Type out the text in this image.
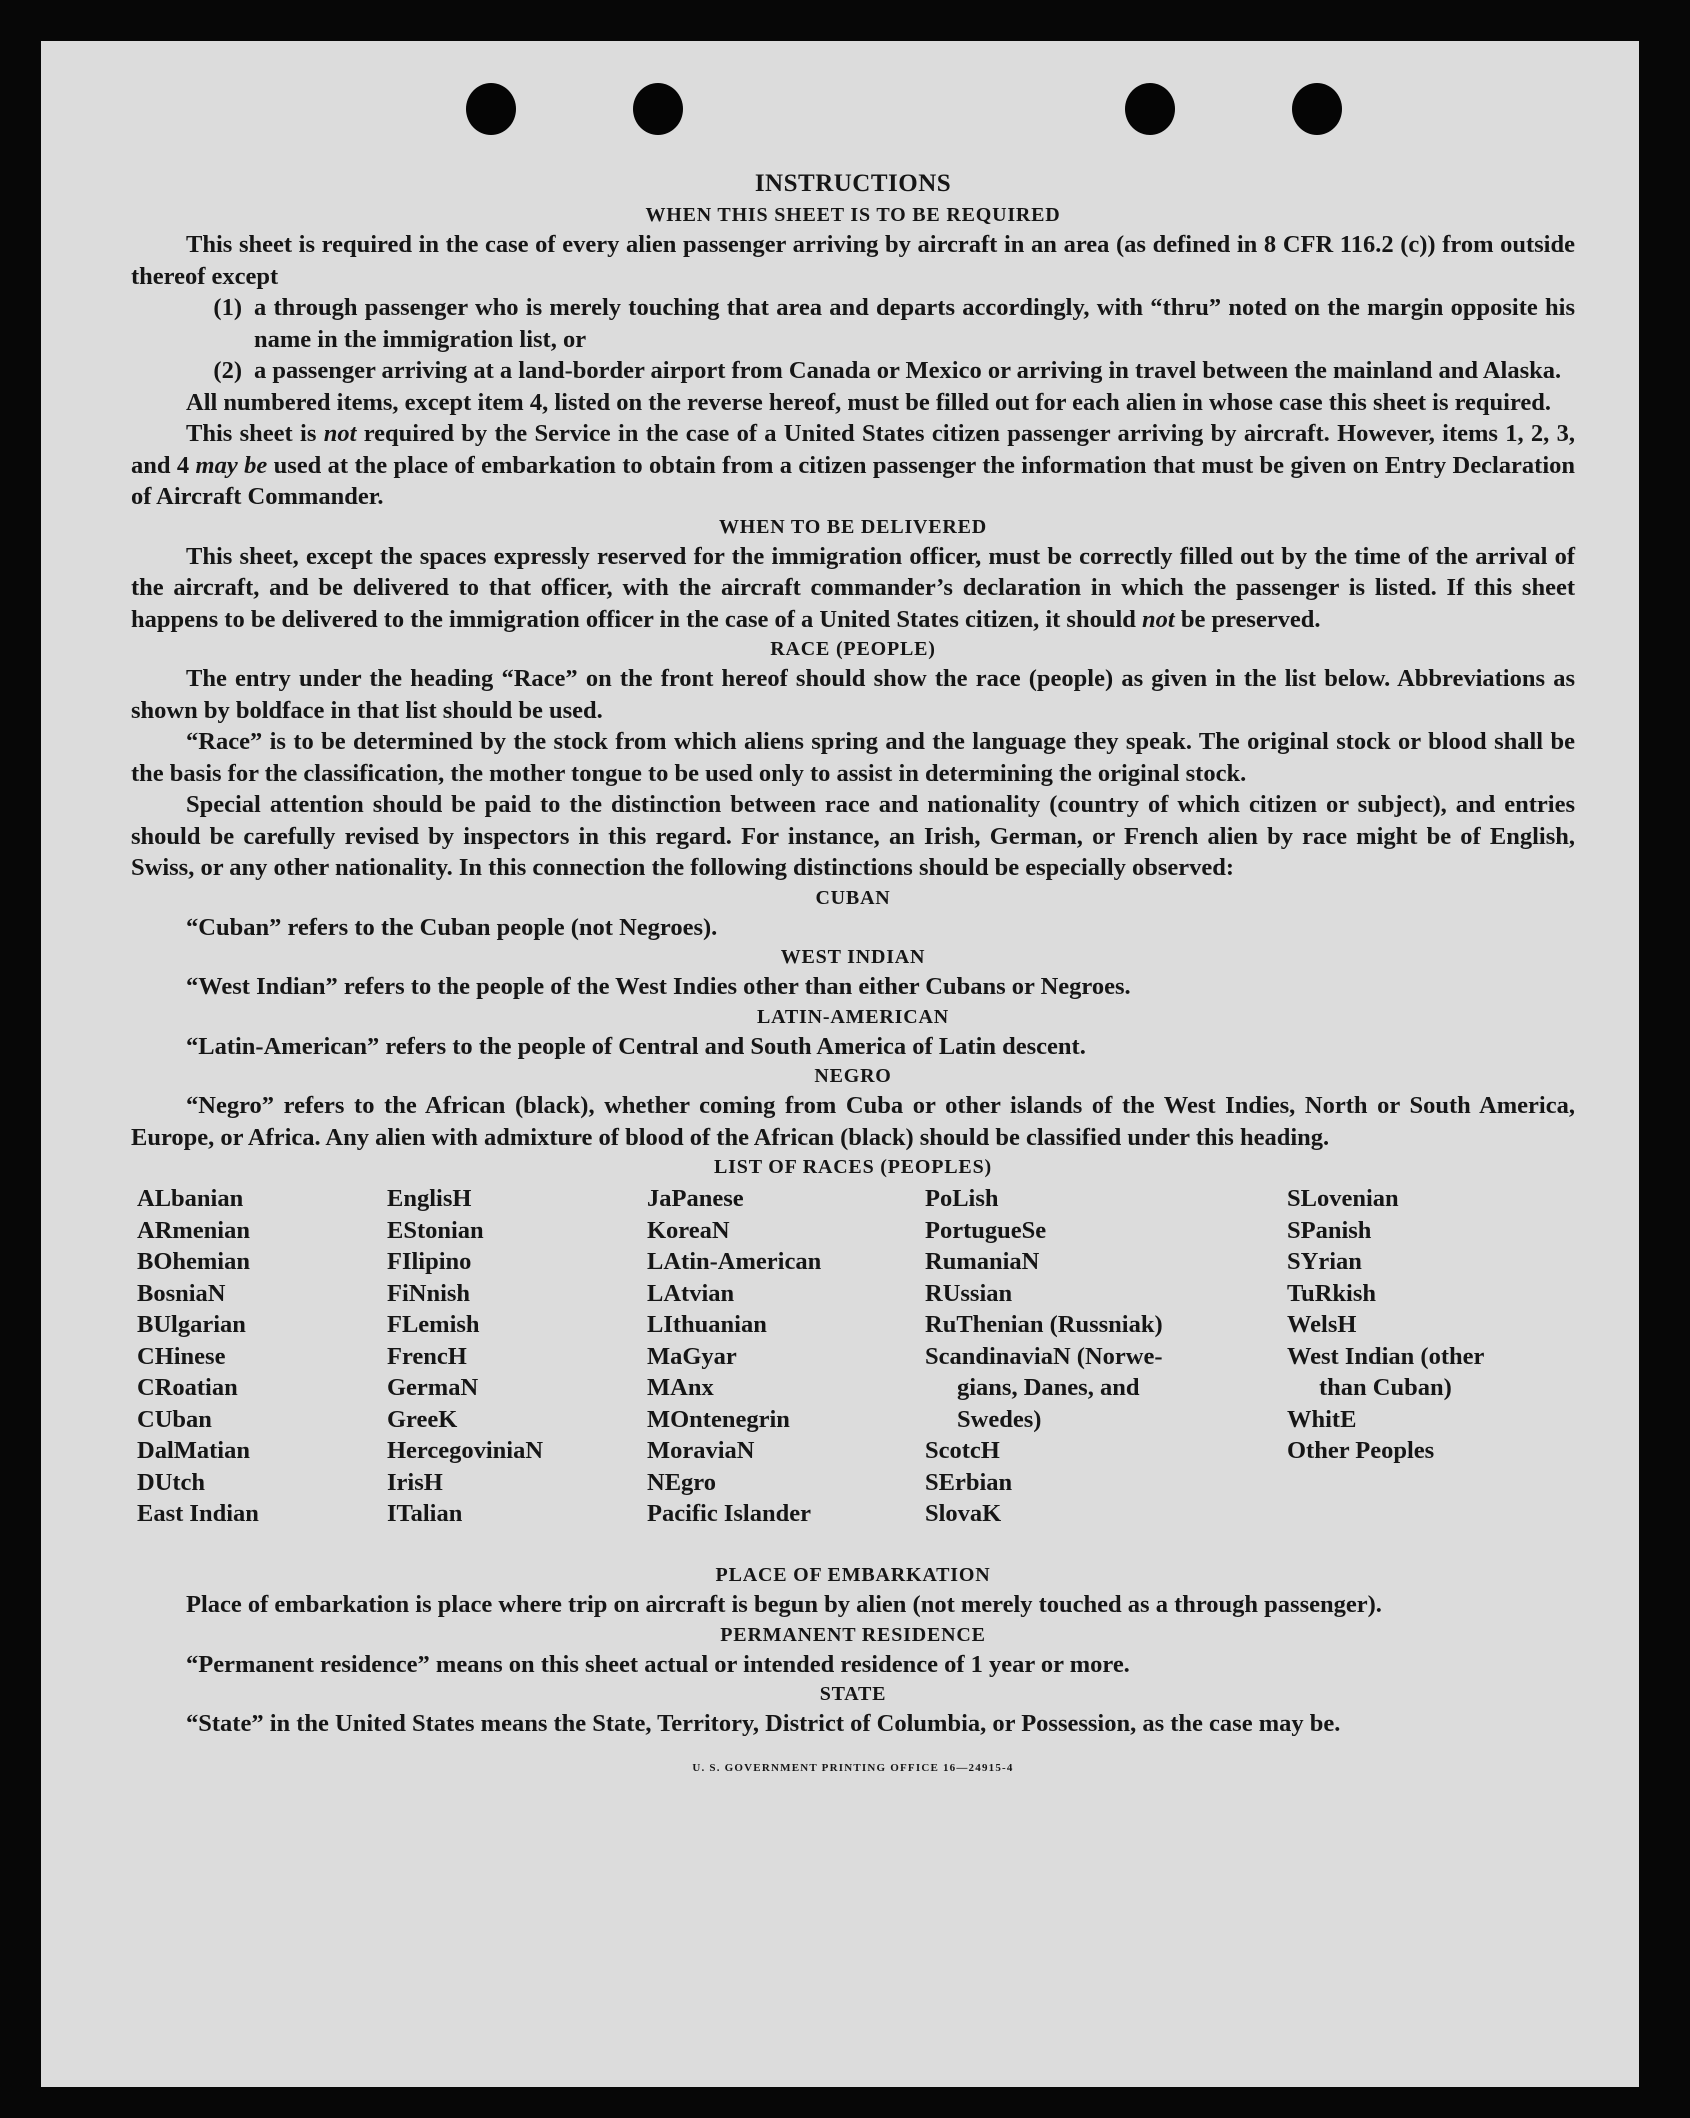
INSTRUCTIONS
WHEN THIS SHEET IS TO BE REQUIRED
This sheet is required in the case of every alien passenger arriving by aircraft in an area (as defined in 8 CFR 116.2 (c)) from outside thereof except
(1) a through passenger who is merely touching that area and departs accordingly, with “thru” noted on the margin opposite his name in the immigration list, or
(2) a passenger arriving at a land-border airport from Canada or Mexico or arriving in travel between the mainland and Alaska.
All numbered items, except item 4, listed on the reverse hereof, must be filled out for each alien in whose case this sheet is required.
This sheet is not required by the Service in the case of a United States citizen passenger arriving by aircraft. However, items 1, 2, 3, and 4 may be used at the place of embarkation to obtain from a citizen passenger the information that must be given on Entry Declaration of Aircraft Commander.
WHEN TO BE DELIVERED
This sheet, except the spaces expressly reserved for the immigration officer, must be correctly filled out by the time of the arrival of the aircraft, and be delivered to that officer, with the aircraft commander’s declaration in which the passenger is listed. If this sheet happens to be delivered to the immigration officer in the case of a United States citizen, it should not be preserved.
RACE (PEOPLE)
The entry under the heading “Race” on the front hereof should show the race (people) as given in the list below. Abbreviations as shown by boldface in that list should be used.
“Race” is to be determined by the stock from which aliens spring and the language they speak. The original stock or blood shall be the basis for the classification, the mother tongue to be used only to assist in determining the original stock.
Special attention should be paid to the distinction between race and nationality (country of which citizen or subject), and entries should be carefully revised by inspectors in this regard. For instance, an Irish, German, or French alien by race might be of English, Swiss, or any other nationality. In this connection the following distinctions should be especially observed:
CUBAN
“Cuban” refers to the Cuban people (not Negroes).
WEST INDIAN
“West Indian” refers to the people of the West Indies other than either Cubans or Negroes.
LATIN-AMERICAN
“Latin-American” refers to the people of Central and South America of Latin descent.
NEGRO
“Negro” refers to the African (black), whether coming from Cuba or other islands of the West Indies, North or South America, Europe, or Africa. Any alien with admixture of blood of the African (black) should be classified under this heading.
LIST OF RACES (PEOPLES)
ALbanian
ARmenian
BOhemian
BosniaN
BUlgarian
CHinese
CRoatian
CUban
DalMatian
DUtch
East Indian
EnglisH
EStonian
FIlipino
FiNnish
FLemish
FrencH
GermaN
GreeK
HercegoviniaN
IrisH
ITalian
JaPanese
KoreaN
LAtin-American
LAtvian
LIthuanian
MaGyar
MAnx
MOntenegrin
MoraviaN
NEgro
Pacific Islander
PoLish
PortugueSe
RumaniaN
RUssian
RuThenian (Russniak)
ScandinaviaN (Norwe-
gians, Danes, and
Swedes)
ScotcH
SErbian
SlovaK
SLovenian
SPanish
SYrian
TuRkish
WelsH
West Indian (other
than Cuban)
WhitE
Other Peoples
PLACE OF EMBARKATION
Place of embarkation is place where trip on aircraft is begun by alien (not merely touched as a through passenger).
PERMANENT RESIDENCE
“Permanent residence” means on this sheet actual or intended residence of 1 year or more.
STATE
“State” in the United States means the State, Territory, District of Columbia, or Possession, as the case may be.
U. S. GOVERNMENT PRINTING OFFICE 16—24915-4
